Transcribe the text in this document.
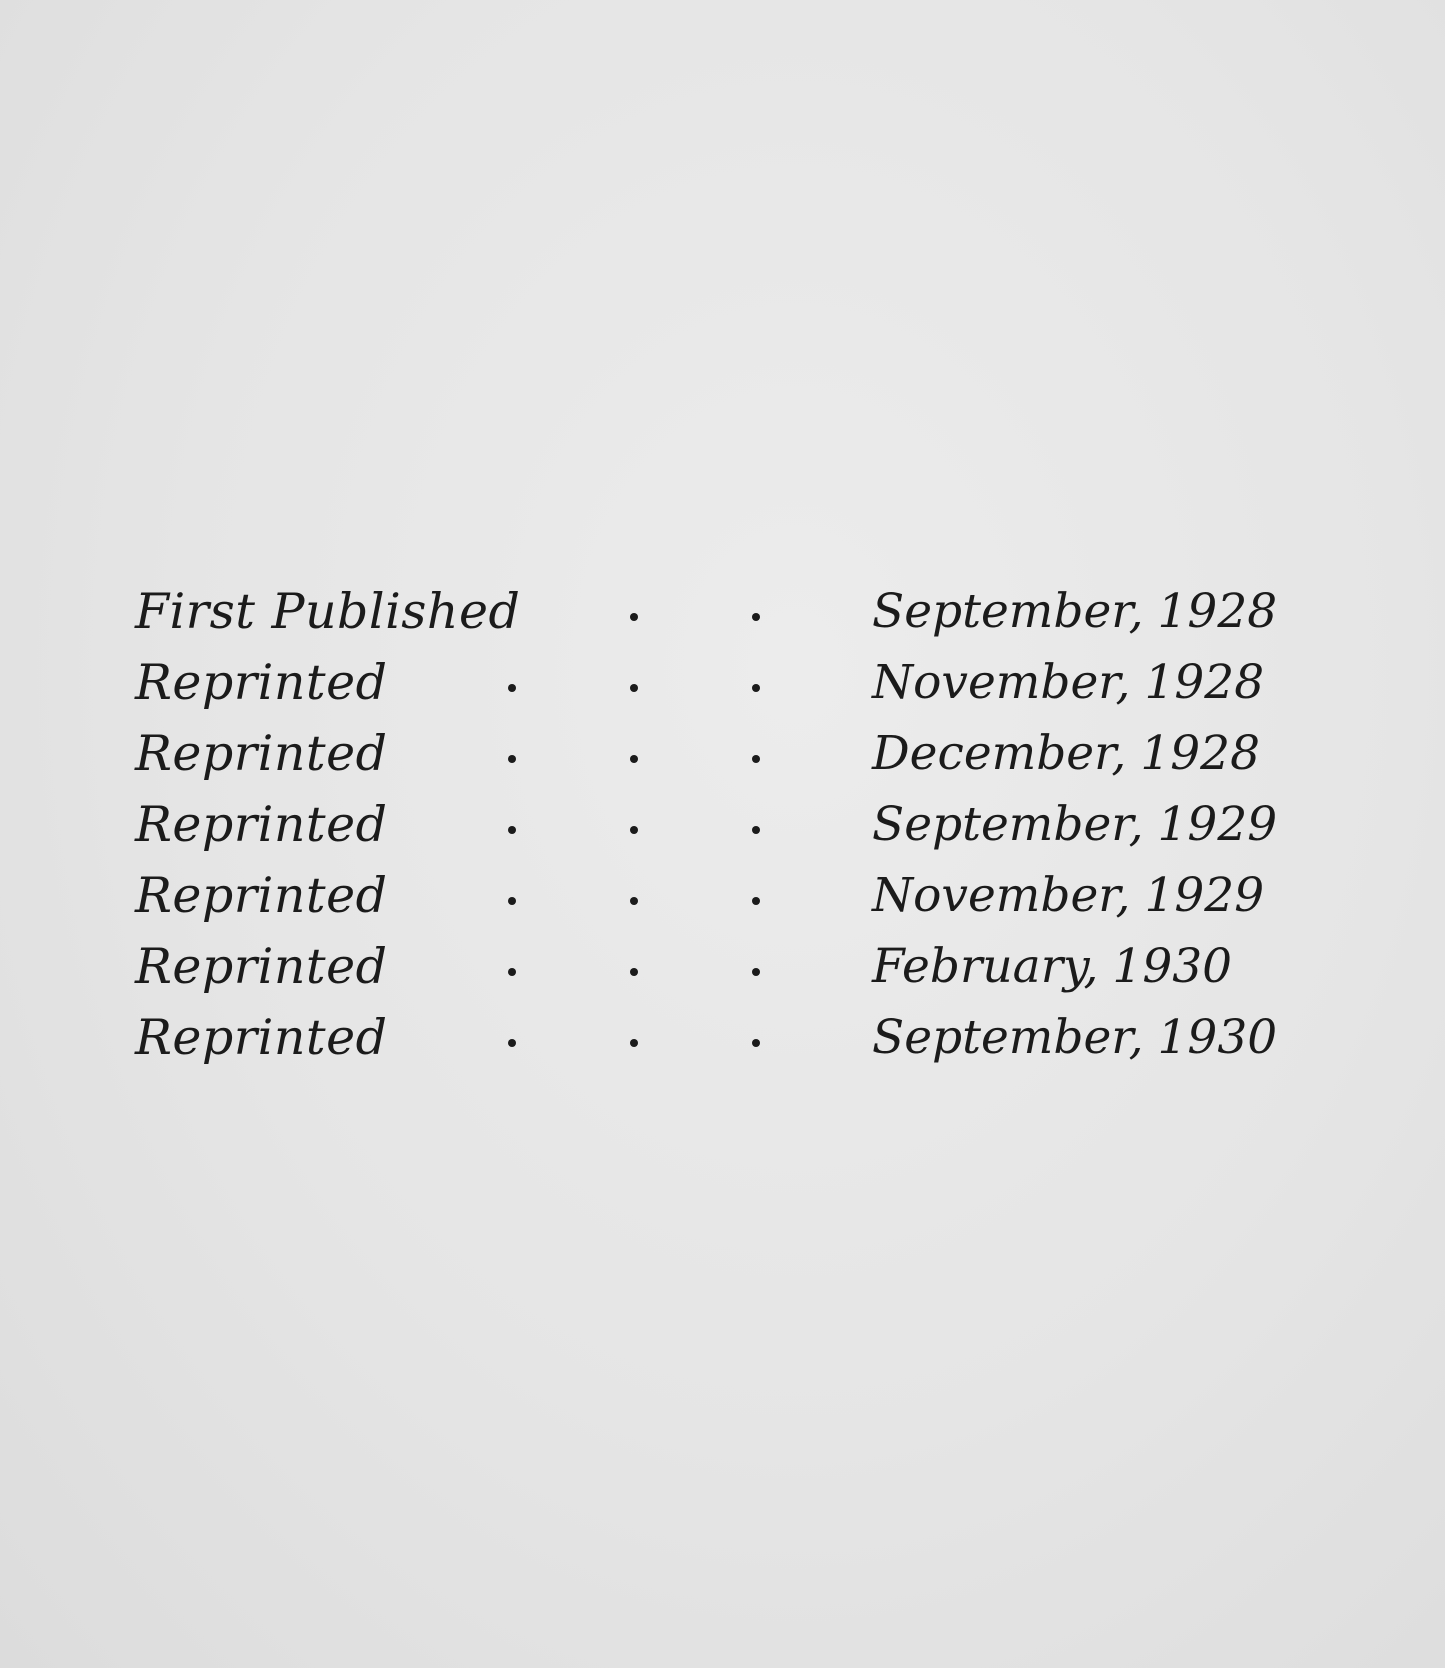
First Published	September, 1928
Reprinted	November, 1928
Reprinted	December, 1928
Reprinted	September, 1929
Reprinted	November, 1929
Reprinted	February, 1930
Reprinted	September, 1930
